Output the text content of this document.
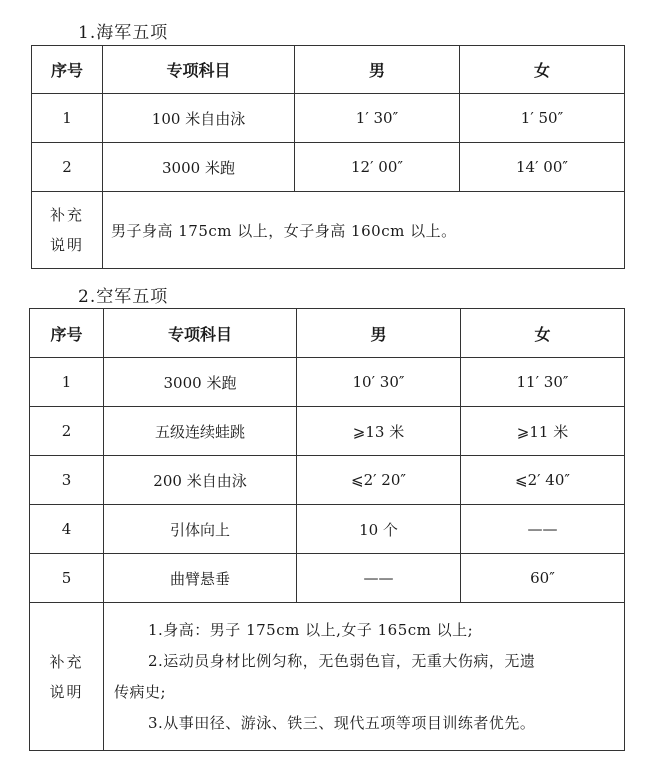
1.海军五项
序号	专项科目	男	女
1	100 米自由泳	1′ 30″	1′ 50″
2	3000 米跑	12′ 00″	14′ 00″

补充
说明	男子身高 175cm 以上，女子身高 160cm 以上。		
2.空军五项
序号	专项科目	男	女
1	3000 米跑	10′ 30″	11′ 30″
2	五级连续蛙跳	⩾13 米	⩾11 米
3	200 米自由泳	⩽2′ 20″	⩽2′ 40″
4	引体向上	10 个	——
5	曲臂悬垂	——	60″

补充
说明	1.身高：男子 175cm 以上,女子 165cm 以上;
2.运动员身材比例匀称，无色弱色盲，无重大伤病，无遗
传病史;
3.从事田径、游泳、铁三、现代五项等项目训练者优先。		
